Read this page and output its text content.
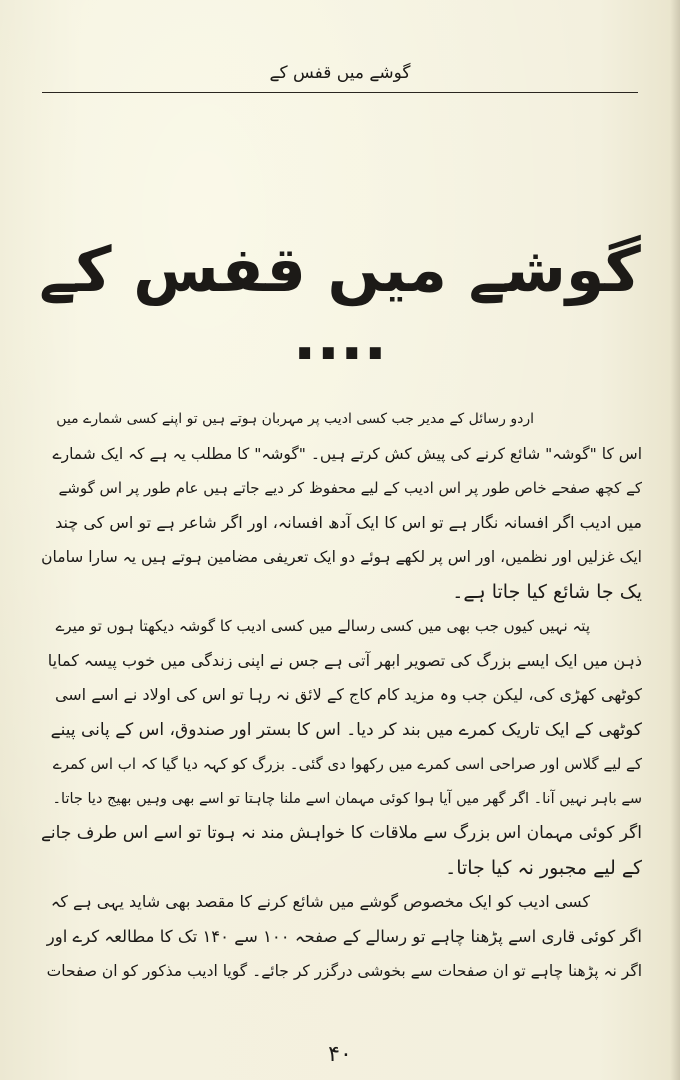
گوشے میں قفس کے
گوشے میں قفس کے ....
اردو رسائل کے مدیر جب کسی ادیب پر مہربان ہوتے ہیں تو اپنے کسی شمارے میں
اس کا "گوشہ" شائع کرنے کی پیش کش کرتے ہیں۔ "گوشہ" کا مطلب یہ ہے کہ ایک شمارے
کے کچھ صفحے خاص طور پر اس ادیب کے لیے محفوظ کر دیے جاتے ہیں عام طور پر اس گوشے
میں ادیب اگر افسانہ نگار ہے تو اس کا ایک آدھ افسانہ، اور اگر شاعر ہے تو اس کی چند
ایک غزلیں اور نظمیں، اور اس پر لکھے ہوئے دو ایک تعریفی مضامین ہوتے ہیں یہ سارا سامان
یک جا شائع کیا جاتا ہے۔
پتہ نہیں کیوں جب بھی میں کسی رسالے میں کسی ادیب کا گوشہ دیکھتا ہوں تو میرے
ذہن میں ایک ایسے بزرگ کی تصویر ابھر آتی ہے جس نے اپنی زندگی میں خوب پیسہ کمایا
کوٹھی کھڑی کی، لیکن جب وہ مزید کام کاج کے لائق نہ رہا تو اس کی اولاد نے اسے اسی
کوٹھی کے ایک تاریک کمرے میں بند کر دیا۔ اس کا بستر اور صندوق، اس کے پانی پینے
کے لیے گلاس اور صراحی اسی کمرے میں رکھوا دی گئی۔ بزرگ کو کہہ دیا گیا کہ اب اس کمرے
سے باہر نہیں آنا۔ اگر گھر میں آیا ہوا کوئی مہمان اسے ملنا چاہتا تو اسے بھی وہیں بھیج دیا جاتا۔
اگر کوئی مہمان اس بزرگ سے ملاقات کا خواہش مند نہ ہوتا تو اسے اس طرف جانے
کے لیے مجبور نہ کیا جاتا۔
کسی ادیب کو ایک مخصوص گوشے میں شائع کرنے کا مقصد بھی شاید یہی ہے کہ
اگر کوئی قاری اسے پڑھنا چاہے تو رسالے کے صفحہ ۱۰۰ سے ۱۴۰ تک کا مطالعہ کرے اور
اگر نہ پڑھنا چاہے تو ان صفحات سے بخوشی درگزر کر جائے۔ گویا ادیب مذکور کو ان صفحات
۴۰
